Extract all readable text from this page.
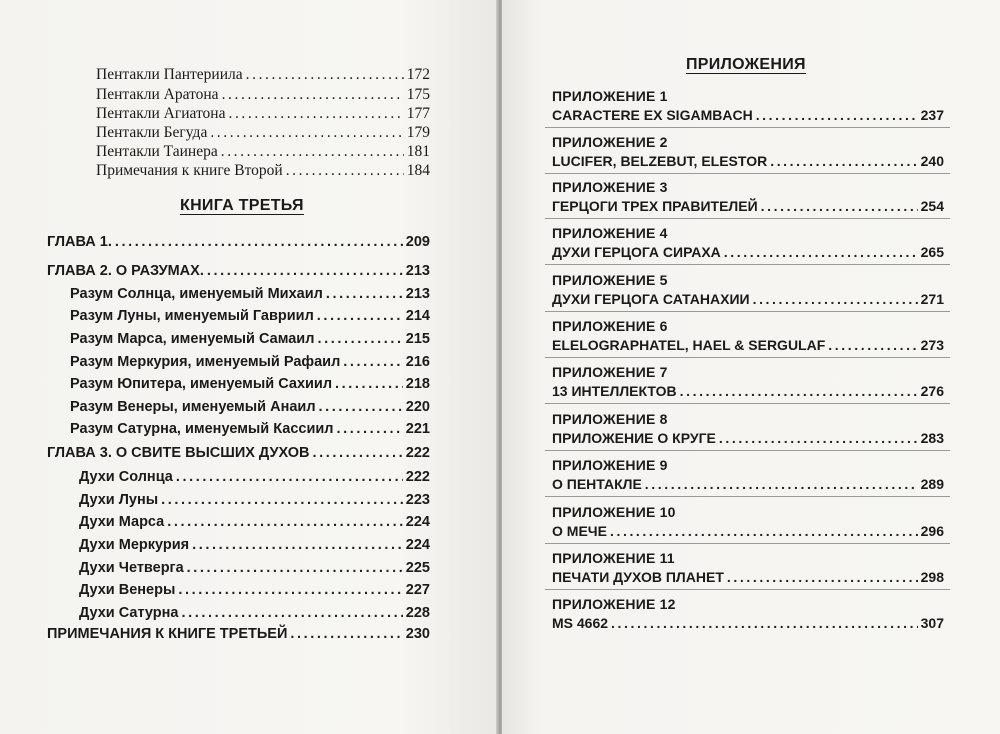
Пентакли Пантериила .....	172
Пентакли Аратона .....	175
Пентакли Агиатона .....	177
Пентакли Бегуда .....	179
Пентакли Таинера .....	181
Примечания к книге Второй .....	184
КНИГА ТРЕТЬЯ
ГЛАВА 1. .....	209
ГЛАВА 2. О РАЗУМАХ. .....	213
Разум Солнца, именуемый Михаил .....	213
Разум Луны, именуемый Гавриил .....	214
Разум Марса, именуемый Самаил .....	215
Разум Меркурия, именуемый Рафаил .....	216
Разум Юпитера, именуемый Сахиил .....	218
Разум Венеры, именуемый Анаил .....	220
Разум Сатурна, именуемый Кассиил .....	221
ГЛАВА 3. О СВИТЕ ВЫСШИХ ДУХОВ .....	222
Духи Солнца .....	222
Духи Луны .....	223
Духи Марса .....	224
Духи Меркурия .....	224
Духи Четверга .....	225
Духи Венеры .....	227
Духи Сатурна .....	228
ПРИМЕЧАНИЯ К КНИГЕ ТРЕТЬЕЙ .....	230
ПРИЛОЖЕНИЯ
ПРИЛОЖЕНИЕ 1
CARACTERE EX SIGAMBACH .....	237
ПРИЛОЖЕНИЕ 2
LUCIFER, BELZEBUT, ELESTOR .....	240
ПРИЛОЖЕНИЕ 3
ГЕРЦОГИ ТРЕХ ПРАВИТЕЛЕЙ .....	254
ПРИЛОЖЕНИЕ 4
ДУХИ ГЕРЦОГА СИРАХА .....	265
ПРИЛОЖЕНИЕ 5
ДУХИ ГЕРЦОГА САТАНАХИИ .....	271
ПРИЛОЖЕНИЕ 6
ELELOGRAPHATEL, HAEL & SERGULAF .....	273
ПРИЛОЖЕНИЕ 7
13 ИНТЕЛЛЕКТОВ .....	276
ПРИЛОЖЕНИЕ 8
ПРИЛОЖЕНИЕ О КРУГЕ .....	283
ПРИЛОЖЕНИЕ 9
О ПЕНТАКЛЕ .....	289
ПРИЛОЖЕНИЕ 10
О МЕЧЕ .....	296
ПРИЛОЖЕНИЕ 11
ПЕЧАТИ ДУХОВ ПЛАНЕТ .....	298
ПРИЛОЖЕНИЕ 12
MS 4662 .....	307
